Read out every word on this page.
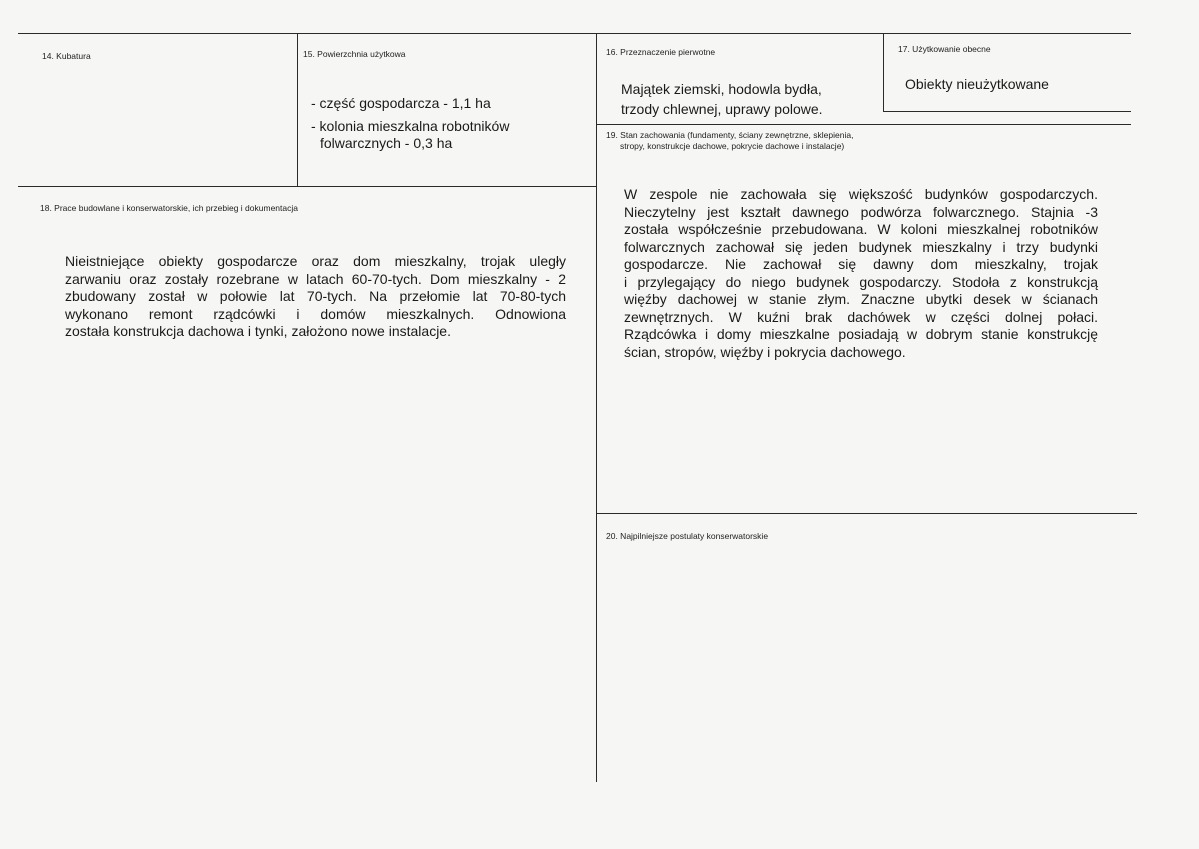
14. Kubatura	15. Powierzchnia użytkowa
- część gospodarcza - 1,1 ha
- kolonia mieszkalna robotników
folwarcznych - 0,3 ha
16. Przeznaczenie pierwotne
Majątek ziemski, hodowla bydła,
trzody chlewnej, uprawy polowe.
17. Użytkowanie obecne
Obiekty nieużytkowane
19. Stan zachowania (fundamenty, ściany zewnętrzne, sklepienia,
stropy, konstrukcje dachowe, pokrycie dachowe i instalacje)
W zespole nie zachowała się większość budynków gospodarczych.
Nieczytelny jest kształt dawnego podwórza folwarcznego. Stajnia -3
została współcześnie przebudowana. W koloni mieszkalnej robotników
folwarcznych zachował się jeden budynek mieszkalny i trzy budynki
gospodarcze. Nie zachował się dawny dom mieszkalny, trojak
i przylegający do niego budynek gospodarczy. Stodoła z konstrukcją
więźby dachowej w stanie złym. Znaczne ubytki desek w ścianach
zewnętrznych. W kuźni brak dachówek w części dolnej połaci.
Rządcówka i domy mieszkalne posiadają w dobrym stanie konstrukcję
ścian, stropów, więźby i pokrycia dachowego.
18. Prace budowlane i konserwatorskie, ich przebieg i dokumentacja
Nieistniejące obiekty gospodarcze oraz dom mieszkalny, trojak uległy
zarwaniu oraz zostały rozebrane w latach 60-70-tych. Dom mieszkalny - 2
zbudowany został w połowie lat 70-tych. Na przełomie lat 70-80-tych
wykonano remont rządcówki i domów mieszkalnych. Odnowiona
została konstrukcja dachowa i tynki, założono nowe instalacje.
20. Najpilniejsze postulaty konserwatorskie
